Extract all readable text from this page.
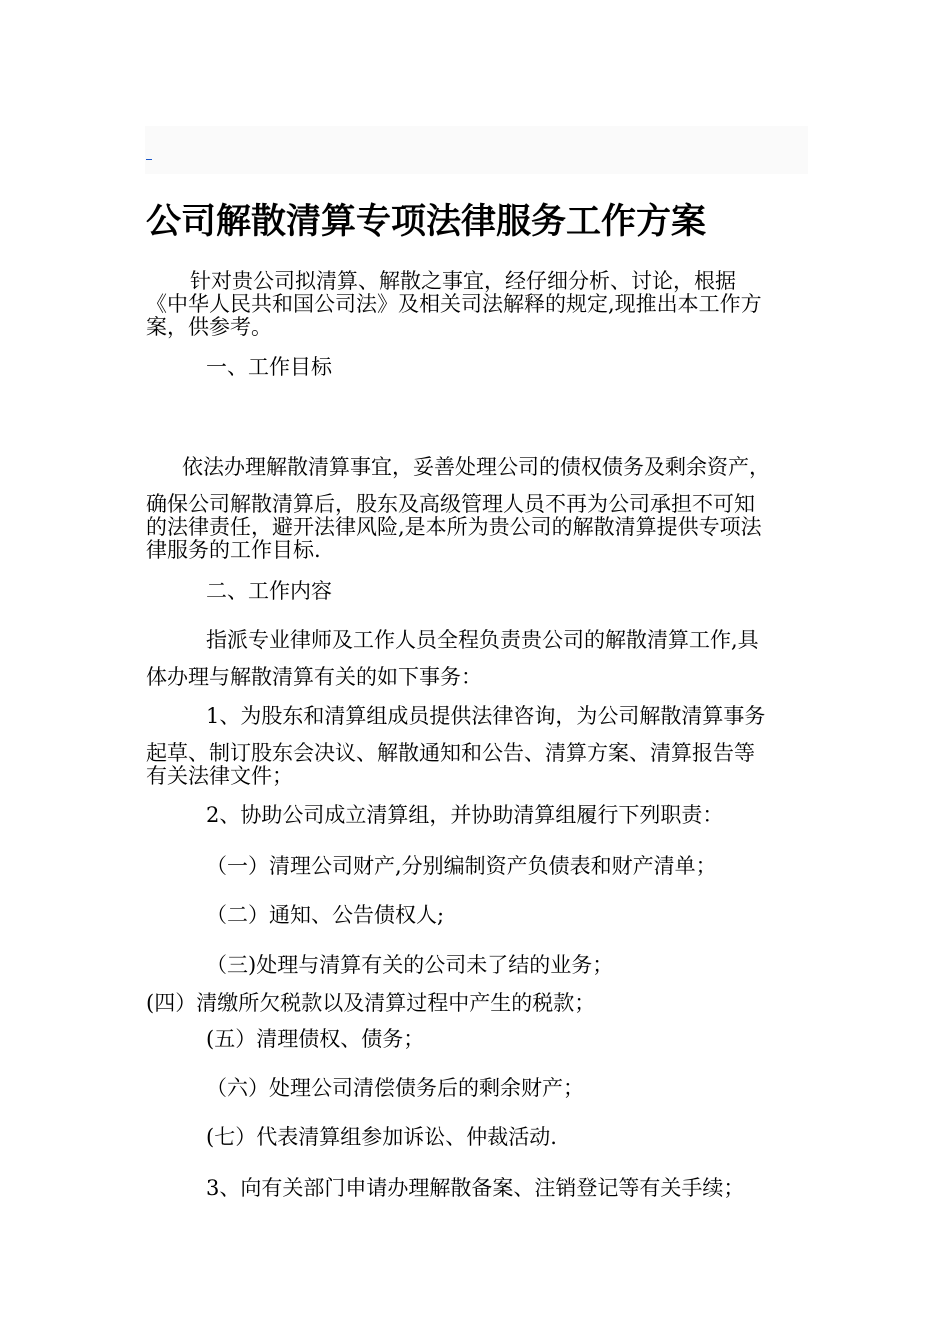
公司解散清算专项法律服务工作方案
针对贵公司拟清算、解散之事宜，经仔细分析、讨论，根据
《中华人民共和国公司法》及相关司法解释的规定,现推出本工作方
案，供参考。

一、工作目标

依法办理解散清算事宜，妥善处理公司的债权债务及剩余资产，
确保公司解散清算后，股东及高级管理人员不再为公司承担不可知
的法律责任，避开法律风险,是本所为贵公司的解散清算提供专项法
律服务的工作目标.

二、工作内容

指派专业律师及工作人员全程负责贵公司的解散清算工作,具
体办理与解散清算有关的如下事务：
1、为股东和清算组成员提供法律咨询，为公司解散清算事务
起草、制订股东会决议、解散通知和公告、清算方案、清算报告等
有关法律文件；

2、协助公司成立清算组，并协助清算组履行下列职责：

（一）清理公司财产,分别编制资产负债表和财产清单；

（二）通知、公告债权人;

（三)处理与清算有关的公司未了结的业务；

(四）清缴所欠税款以及清算过程中产生的税款；

(五）清理债权、债务；

（六）处理公司清偿债务后的剩余财产；

(七）代表清算组参加诉讼、仲裁活动.

3、向有关部门申请办理解散备案、注销登记等有关手续；
